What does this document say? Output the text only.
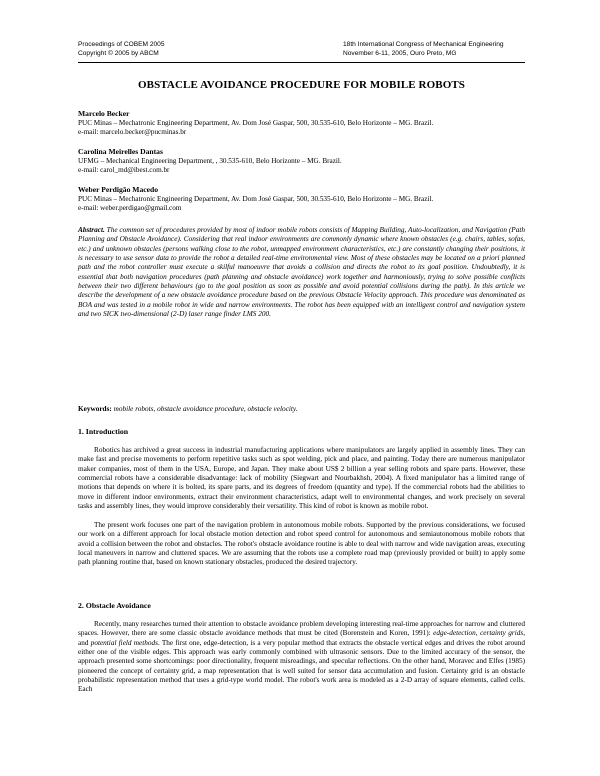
Proceedings of COBEM 2005
Copyright © 2005 by ABCM
18th International Congress of Mechanical Engineering
November 6-11, 2005, Ouro Preto, MG
OBSTACLE AVOIDANCE PROCEDURE FOR MOBILE ROBOTS
Marcelo Becker
PUC Minas – Mechatronic Engineering Department, Av. Dom José Gaspar, 500, 30.535-610, Belo Horizonte – MG. Brazil.
e-mail: marcelo.becker@pucminas.br
Carolina Meirelles Dantas
UFMG – Mechanical Engineering Department, , 30.535-610, Belo Horizonte – MG. Brazil.
e-mail: carol_md@ibest.com.br
Weber Perdigão Macedo
PUC Minas – Mechatronic Engineering Department, Av. Dom José Gaspar, 500, 30.535-610, Belo Horizonte – MG. Brazil.
e-mail: weber.perdigao@gmail.com
Abstract. The common set of procedures provided by most of indoor mobile robots consists of Mapping Building, Auto-localization, and Navigation (Path Planning and Obstacle Avoidance). Considering that real indoor environments are commonly dynamic where known obstacles (e.g. chairs, tables, sofas, etc.) and unknown obstacles (persons walking close to the robot, unmapped environment characteristics, etc.) are constantly changing their positions, it is necessary to use sensor data to provide the robot a detailed real-time environmental view. Most of these obstacles may be located on a priori planned path and the robot controller must execute a skilful manoeuvre that avoids a collision and directs the robot to its goal position. Undoubtedly, it is essential that both navigation procedures (path planning and obstacle avoidance) work together and harmoniously, trying to solve possible conflicts between their two different behaviours (go to the goal position as soon as possible and avoid potential collisions during the path). In this article we describe the development of a new obstacle avoidance procedure based on the previous Obstacle Velocity approach. This procedure was denominated as BOA and was tested in a mobile robot in wide and narrow environments. The robot has been equipped with an intelligent control and navigation system and two SICK two-dimensional (2-D) laser range finder LMS 200.
Keywords: mobile robots, obstacle avoidance procedure, obstacle velocity.
1. Introduction
Robotics has archived a great success in industrial manufacturing applications where manipulators are largely applied in assembly lines. They can make fast and precise movements to perform repetitive tasks such as spot welding, pick and place, and painting. Today there are numerous manipulator maker companies, most of them in the USA, Europe, and Japan. They make about US$ 2 billion a year selling robots and spare parts. However, these commercial robots have a considerable disadvantage: lack of mobility (Siegwart and Nourbakhsh, 2004). A fixed manipulator has a limited range of motions that depends on where it is bolted, its spare parts, and its degrees of freedom (quantity and type). If the commercial robots had the abilities to move in different indoor environments, extract their environment characteristics, adapt well to environmental changes, and work precisely on several tasks and assembly lines, they would improve considerably their versatility. This kind of robot is known as mobile robot.
The present work focuses one part of the navigation problem in autonomous mobile robots. Supported by the previous considerations, we focused our work on a different approach for local obstacle motion detection and robot speed control for autonomous and semiautonomous mobile robots that avoid a collision between the robot and obstacles. The robot's obstacle avoidance routine is able to deal with narrow and wide navigation areas, executing local maneuvers in narrow and cluttered spaces. We are assuming that the robots use a complete road map (previously provided or built) to apply some path planning routine that, based on known stationary obstacles, produced the desired trajectory.
2. Obstacle Avoidance
Recently, many researches turned their attention to obstacle avoidance problem developing interesting real-time approaches for narrow and cluttered spaces. However, there are some classic obstacle avoidance methods that must be cited (Borenstein and Koren, 1991): edge-detection, certainty grids, and potential field methods. The first one, edge-detection, is a very popular method that extracts the obstacle vertical edges and drives the robot around either one of the visible edges. This approach was early commonly combined with ultrasonic sensors. Due to the limited accuracy of the sensor, the approach presented some shortcomings: poor directionality, frequent misreadings, and specular reflections. On the other hand, Moravec and Elfes (1985) pioneered the concept of certainty grid, a map representation that is well suited for sensor data accumulation and fusion. Certainty grid is an obstacle probabilistic representation method that uses a grid-type world model. The robot's work area is modeled as a 2-D array of square elements, called cells. Each
